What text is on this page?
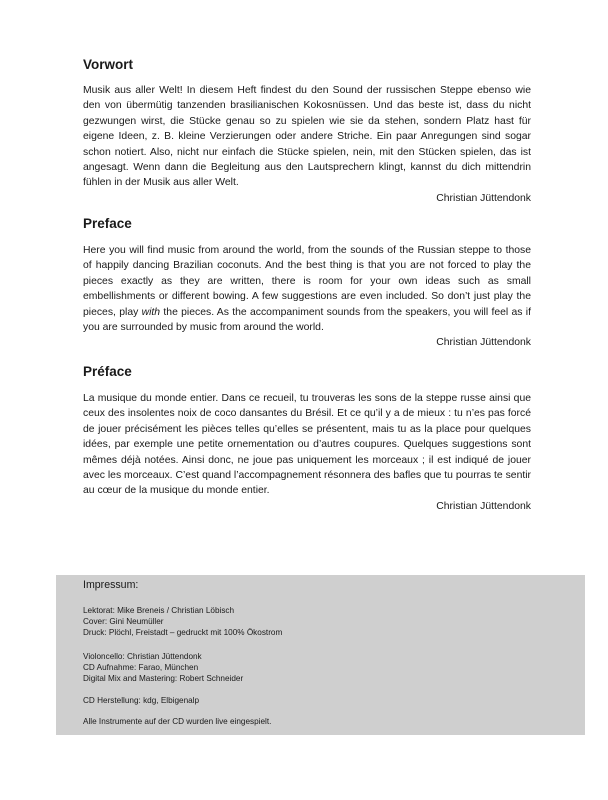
Vorwort

Musik aus aller Welt! In diesem Heft findest du den Sound der russischen Steppe ebenso wie den von übermütig tanzenden brasilianischen Kokosnüssen. Und das beste ist, dass du nicht gezwungen wirst, die Stücke genau so zu spielen wie sie da stehen, sondern Platz hast für eigene Ideen, z. B. kleine Verzierungen oder andere Striche. Ein paar Anregungen sind sogar schon notiert. Also, nicht nur einfach die Stücke spielen, nein, mit den Stücken spielen, das ist angesagt. Wenn dann die Begleitung aus den Lautsprechern klingt, kannst du dich mittendrin fühlen in der Musik aus aller Welt.

Christian Jüttendonk

Preface

Here you will find music from around the world, from the sounds of the Russian steppe to those of happily dancing Brazilian coconuts. And the best thing is that you are not forced to play the pieces exactly as they are written, there is room for your own ideas such as small embellishments or different bowing. A few suggestions are even included. So don’t just play the pieces, play with the pieces. As the accompaniment sounds from the speakers, you will feel as if you are surrounded by music from around the world.

Christian Jüttendonk

Préface

La musique du monde entier. Dans ce recueil, tu trouveras les sons de la steppe russe ainsi que ceux des insolentes noix de coco dansantes du Brésil. Et ce qu’il y a de mieux : tu n’es pas forcé de jouer précisément les pièces telles qu’elles se présentent, mais tu as la place pour quelques idées, par exemple une petite ornementation ou d’autres coupures. Quelques suggestions sont mêmes déjà notées. Ainsi donc, ne joue pas uniquement les morceaux ; il est indiqué de jouer avec les morceaux. C’est quand l’accompagnement résonnera des bafles que tu pourras te sentir au cœur de la musique du monde entier.

Christian Jüttendonk

Impressum:
Lektorat: Mike Breneis / Christian Löbisch
Cover: Gini Neumüller
Druck: Plöchl, Freistadt – gedruckt mit 100% Ökostrom
Violoncello: Christian Jüttendonk
CD Aufnahme: Farao, München
Digital Mix and Mastering: Robert Schneider
CD Herstellung: kdg, Elbigenalp
Alle Instrumente auf der CD wurden live eingespielt.
